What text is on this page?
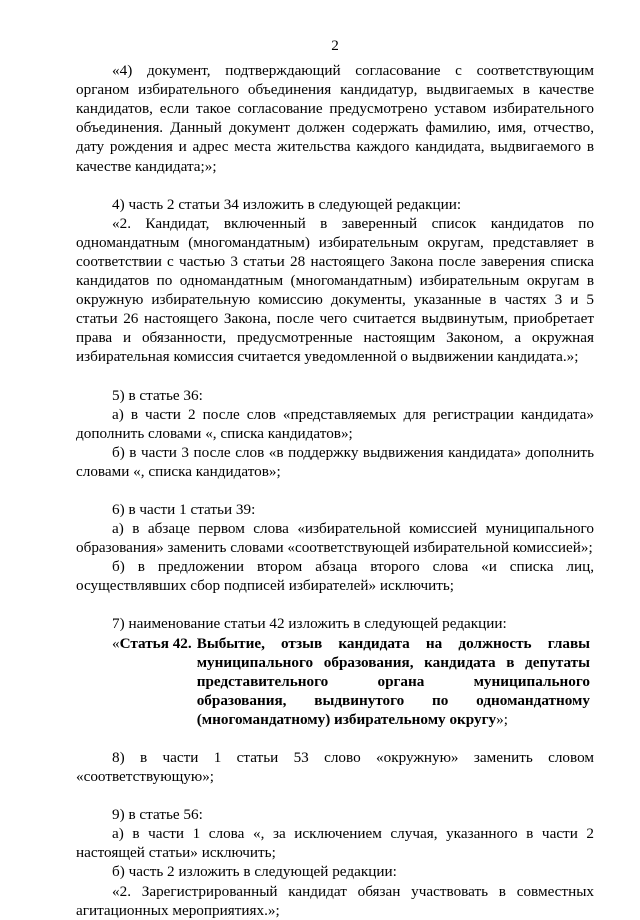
2

«4) документ, подтверждающий согласование с соответствующим органом избирательного объединения кандидатур, выдвигаемых в качестве кандидатов, если такое согласование предусмотрено уставом избирательного объединения. Данный документ должен содержать фамилию, имя, отчество, дату рождения и адрес места жительства каждого кандидата, выдвигаемого в качестве кандидата;»;

4) часть 2 статьи 34 изложить в следующей редакции:

«2. Кандидат, включенный в заверенный список кандидатов по одномандатным (многомандатным) избирательным округам, представляет в соответствии с частью 3 статьи 28 настоящего Закона после заверения списка кандидатов по одномандатным (многомандатным) избирательным округам в окружную избирательную комиссию документы, указанные в частях 3 и 5 статьи 26 настоящего Закона, после чего считается выдвинутым, приобретает права и обязанности, предусмотренные настоящим Законом, а окружная избирательная комиссия считается уведомленной о выдвижении кандидата.»;

5) в статье 36:

а) в части 2 после слов «представляемых для регистрации кандидата» дополнить словами «, списка кандидатов»;

б) в части 3 после слов «в поддержку выдвижения кандидата» дополнить словами «, списка кандидатов»;

6) в части 1 статьи 39:

а) в абзаце первом слова «избирательной комиссией муниципального образования» заменить словами «соответствующей избирательной комиссией»;

б) в предложении втором абзаца второго слова «и списка лиц, осуществлявших сбор подписей избирателей» исключить;

7) наименование статьи 42 изложить в следующей редакции:

«Статья 42. Выбытие, отзыв кандидата на должность главы муниципального образования, кандидата в депутаты представительного органа муниципального образования, выдвинутого по одномандатному (многомандатному) избирательному округу»;

8) в части 1 статьи 53 слово «окружную» заменить словом «соответствующую»;

9) в статье 56:

а) в части 1 слова «, за исключением случая, указанного в части 2 настоящей статьи» исключить;

б) часть 2 изложить в следующей редакции:

«2. Зарегистрированный кандидат обязан участвовать в совместных агитационных мероприятиях.»;
